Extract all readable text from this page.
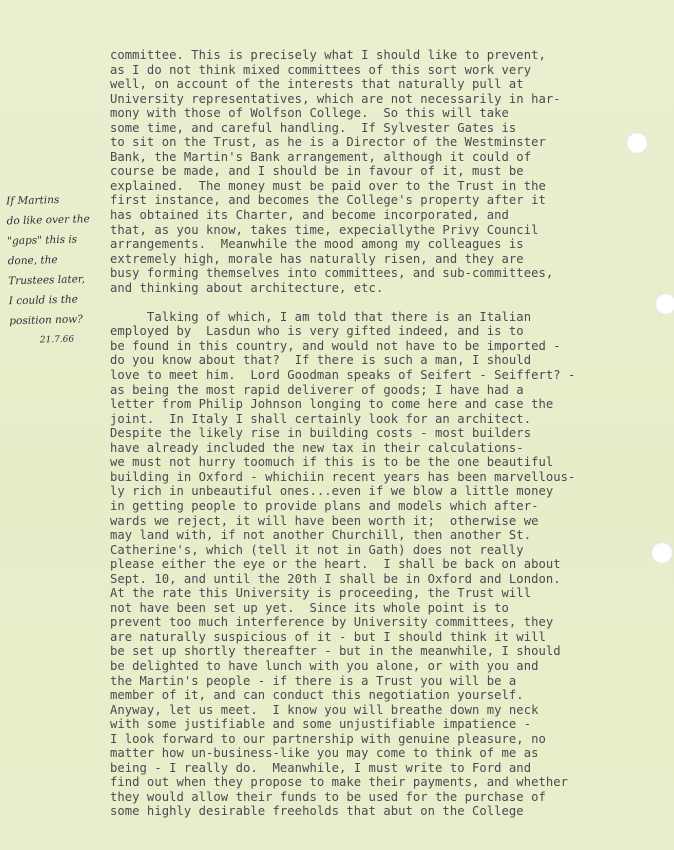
committee. This is precisely what I should like to prevent,
as I do not think mixed committees of this sort work very
well, on account of the interests that naturally pull at
University representatives, which are not necessarily in har-
mony with those of Wolfson College.  So this will take
some time, and careful handling.  If Sylvester Gates is
to sit on the Trust, as he is a Director of the Westminster
Bank, the Martin's Bank arrangement, although it could of
course be made, and I should be in favour of it, must be
explained.  The money must be paid over to the Trust in the
first instance, and becomes the College's property after it
has obtained its Charter, and become incorporated, and
that, as you know, takes time, expeciallythe Privy Council
arrangements.  Meanwhile the mood among my colleagues is
extremely high, morale has naturally risen, and they are
busy forming themselves into committees, and sub-committees,
and thinking about architecture, etc.
Talking of which, I am told that there is an Italian
employed by  Lasdun who is very gifted indeed, and is to
be found in this country, and would not have to be imported -
do you know about that?  If there is such a man, I should
love to meet him.  Lord Goodman speaks of Seifert - Seiffert? -
as being the most rapid deliverer of goods; I have had a
letter from Philip Johnson longing to come here and case the
joint.  In Italy I shall certainly look for an architect.
Despite the likely rise in building costs - most builders
have already included the new tax in their calculations-
we must not hurry toomuch if this is to be the one beautiful
building in Oxford - whichiin recent years has been marvellous-
ly rich in unbeautiful ones...even if we blow a little money
in getting people to provide plans and models which after-
wards we reject, it will have been worth it;  otherwise we
may land with, if not another Churchill, then another St.
Catherine's, which (tell it not in Gath) does not really
please either the eye or the heart.  I shall be back on about
Sept. 10, and until the 20th I shall be in Oxford and London.
At the rate this University is proceeding, the Trust will
not have been set up yet.  Since its whole point is to
prevent too much interference by University committees, they
are naturally suspicious of it - but I should think it will
be set up shortly thereafter - but in the meanwhile, I should
be delighted to have lunch with you alone, or with you and
the Martin's people - if there is a Trust you will be a
member of it, and can conduct this negotiation yourself.
Anyway, let us meet.  I know you will breathe down my neck
with some justifiable and some unjustifiable impatience -
I look forward to our partnership with genuine pleasure, no
matter how un-business-like you may come to think of me as
being - I really do.  Meanwhile, I must write to Ford and
find out when they propose to make their payments, and whether
they would allow their funds to be used for the purchase of
some highly desirable freeholds that abut on the College
If Martins
do like over the
"gaps" this is
done, the
Trustees later,
I could is the
position now?
21.7.66
